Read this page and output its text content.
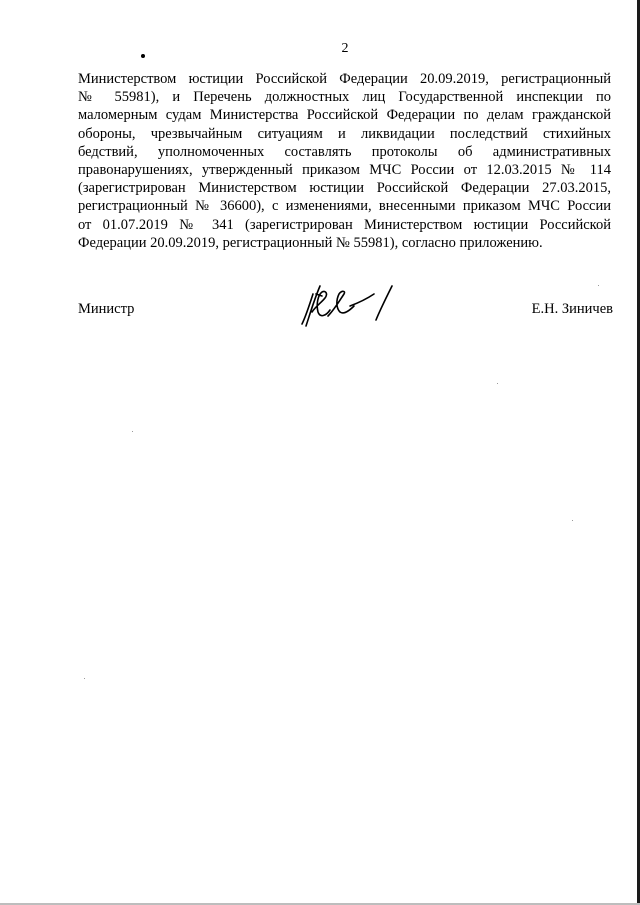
2
Министерством юстиции Российской Федерации 20.09.2019, регистрационный
№ 55981), и Перечень должностных лиц Государственной инспекции по
маломерным судам Министерства Российской Федерации по делам гражданской
обороны, чрезвычайным ситуациям и ликвидации последствий стихийных
бедствий, уполномоченных составлять протоколы об административных
правонарушениях, утвержденный приказом МЧС России от 12.03.2015 № 114
(зарегистрирован Министерством юстиции Российской Федерации 27.03.2015,
регистрационный № 36600), с изменениями, внесенными приказом МЧС России
от 01.07.2019 № 341 (зарегистрирован Министерством юстиции Российской
Федерации 20.09.2019, регистрационный № 55981), согласно приложению.
Министр	Е.Н. Зиничев
